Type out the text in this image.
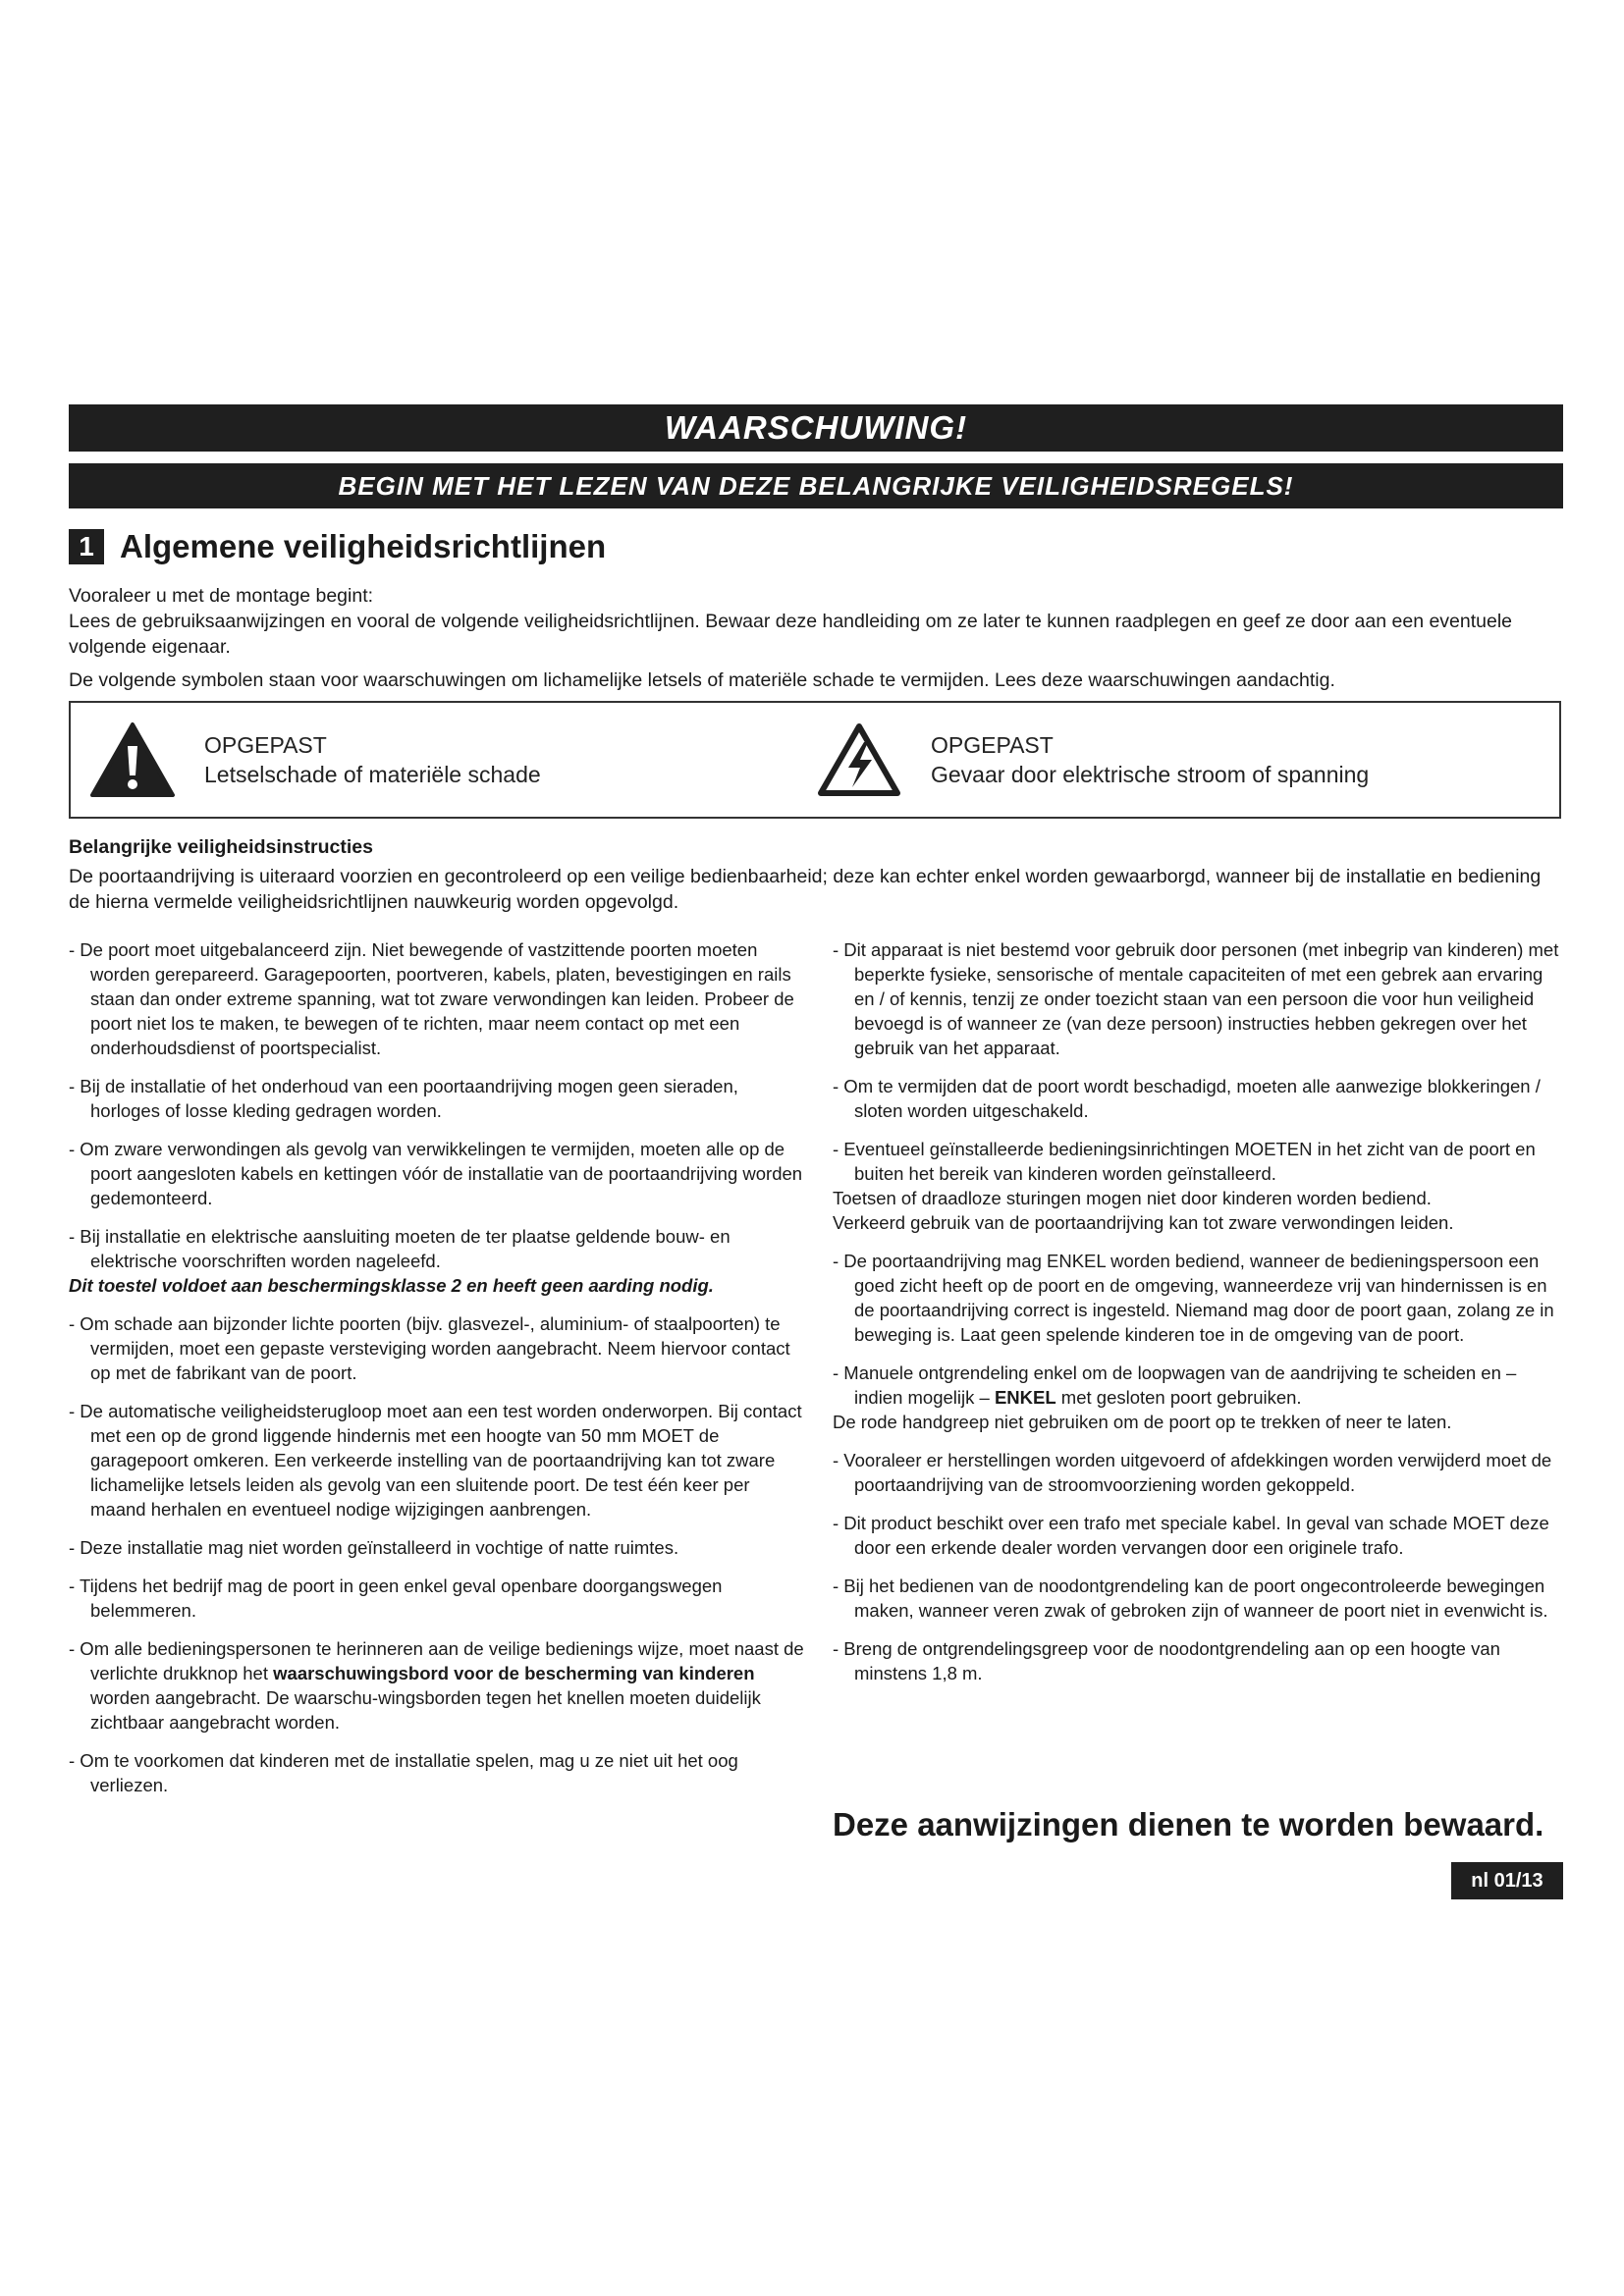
WAARSCHUWING!
BEGIN MET HET LEZEN VAN DEZE BELANGRIJKE VEILIGHEIDSREGELS!
1 Algemene veiligheidsrichtlijnen
Vooraleer u met de montage begint:
Lees de gebruiksaanwijzingen en vooral de volgende veiligheidsrichtlijnen. Bewaar deze handleiding om ze later te kunnen raadplegen en geef ze door aan een eventuele volgende eigenaar.
De volgende symbolen staan voor waarschuwingen om lichamelijke letsels of materiële schade te vermijden. Lees deze waarschuwingen aandachtig.
OPGEPAST
Letselschade of materiële schade
OPGEPAST
Gevaar door elektrische stroom of spanning
Belangrijke veiligheidsinstructies
De poortaandrijving is uiteraard voorzien en gecontroleerd op een veilige bedienbaarheid; deze kan echter enkel worden gewaarborgd, wanneer bij de installatie en bediening de hierna vermelde veiligheidsrichtlijnen nauwkeurig worden opgevolgd.
- De poort moet uitgebalanceerd zijn. Niet bewegende of vastzittende poorten moeten worden gerepareerd. Garagepoorten, poortveren, kabels, platen, bevestigingen en rails staan dan onder extreme spanning, wat tot zware verwondingen kan leiden. Probeer de poort niet los te maken, te bewegen of te richten, maar neem contact op met een onderhoudsdienst of poortspecialist.
- Bij de installatie of het onderhoud van een poortaandrijving mogen geen sieraden, horloges of losse kleding gedragen worden.
- Om zware verwondingen als gevolg van verwikkelingen te vermijden, moeten alle op de poort aangesloten kabels en kettingen vóór de installatie van de poortaandrijving worden gedemonteerd.
- Bij installatie en elektrische aansluiting moeten de ter plaatse geldende bouw- en elektrische voorschriften worden nageleefd.
Dit toestel voldoet aan beschermingsklasse 2 en heeft geen aarding nodig.
- Om schade aan bijzonder lichte poorten (bijv. glasvezel-, aluminium- of staalpoorten) te vermijden, moet een gepaste versteviging worden aangebracht. Neem hiervoor contact op met de fabrikant van de poort.
- De automatische veiligheidsterugloop moet aan een test worden onderworpen. Bij contact met een op de grond liggende hindernis met een hoogte van 50 mm MOET de garagepoort omkeren. Een verkeerde instelling van de poortaandrijving kan tot zware lichamelijke letsels leiden als gevolg van een sluitende poort. De test één keer per maand herhalen en eventueel nodige wijzigingen aanbrengen.
- Deze installatie mag niet worden geïnstalleerd in vochtige of natte ruimtes.
- Tijdens het bedrijf mag de poort in geen enkel geval openbare doorgangswegen belemmeren.
- Om alle bedieningspersonen te herinneren aan de veilige bedienings wijze, moet naast de verlichte drukknop het waarschuwingsbord voor de bescherming van kinderen worden aangebracht. De waarschu-wingsborden tegen het knellen moeten duidelijk zichtbaar aangebracht worden.
- Om te voorkomen dat kinderen met de installatie spelen, mag u ze niet uit het oog verliezen.
- Dit apparaat is niet bestemd voor gebruik door personen (met inbegrip van kinderen) met beperkte fysieke, sensorische of mentale capaciteiten of met een gebrek aan ervaring en / of kennis, tenzij ze onder toezicht staan van een persoon die voor hun veiligheid bevoegd is of wanneer ze (van deze persoon) instructies hebben gekregen over het gebruik van het apparaat.
- Om te vermijden dat de poort wordt beschadigd, moeten alle aanwezige blokkeringen / sloten worden uitgeschakeld.
- Eventueel geïnstalleerde bedieningsinrichtingen MOETEN in het zicht van de poort en buiten het bereik van kinderen worden geïnstalleerd.
Toetsen of draadloze sturingen mogen niet door kinderen worden bediend.
Verkeerd gebruik van de poortaandrijving kan tot zware verwondingen leiden.
- De poortaandrijving mag ENKEL worden bediend, wanneer de bedieningspersoon een goed zicht heeft op de poort en de omgeving, wanneerdeze vrij van hindernissen is en de poortaandrijving correct is ingesteld. Niemand mag door de poort gaan, zolang ze in beweging is. Laat geen spelende kinderen toe in de omgeving van de poort.
- Manuele ontgrendeling enkel om de loopwagen van de aandrijving te scheiden en – indien mogelijk – ENKEL met gesloten poort gebruiken.
De rode handgreep niet gebruiken om de poort op te trekken of neer te laten.
- Vooraleer er herstellingen worden uitgevoerd of afdekkingen worden verwijderd moet de poortaandrijving van de stroomvoorziening worden gekoppeld.
- Dit product beschikt over een trafo met speciale kabel. In geval van schade MOET deze door een erkende dealer worden vervangen door een originele trafo.
- Bij het bedienen van de noodontgrendeling kan de poort ongecontroleerde bewegingen maken, wanneer veren zwak of gebroken zijn of wanneer de poort niet in evenwicht is.
- Breng de ontgrendelingsgreep voor de noodontgrendeling aan op een hoogte van minstens 1,8 m.
Deze aanwijzingen dienen te worden bewaard.
nl 01/13
